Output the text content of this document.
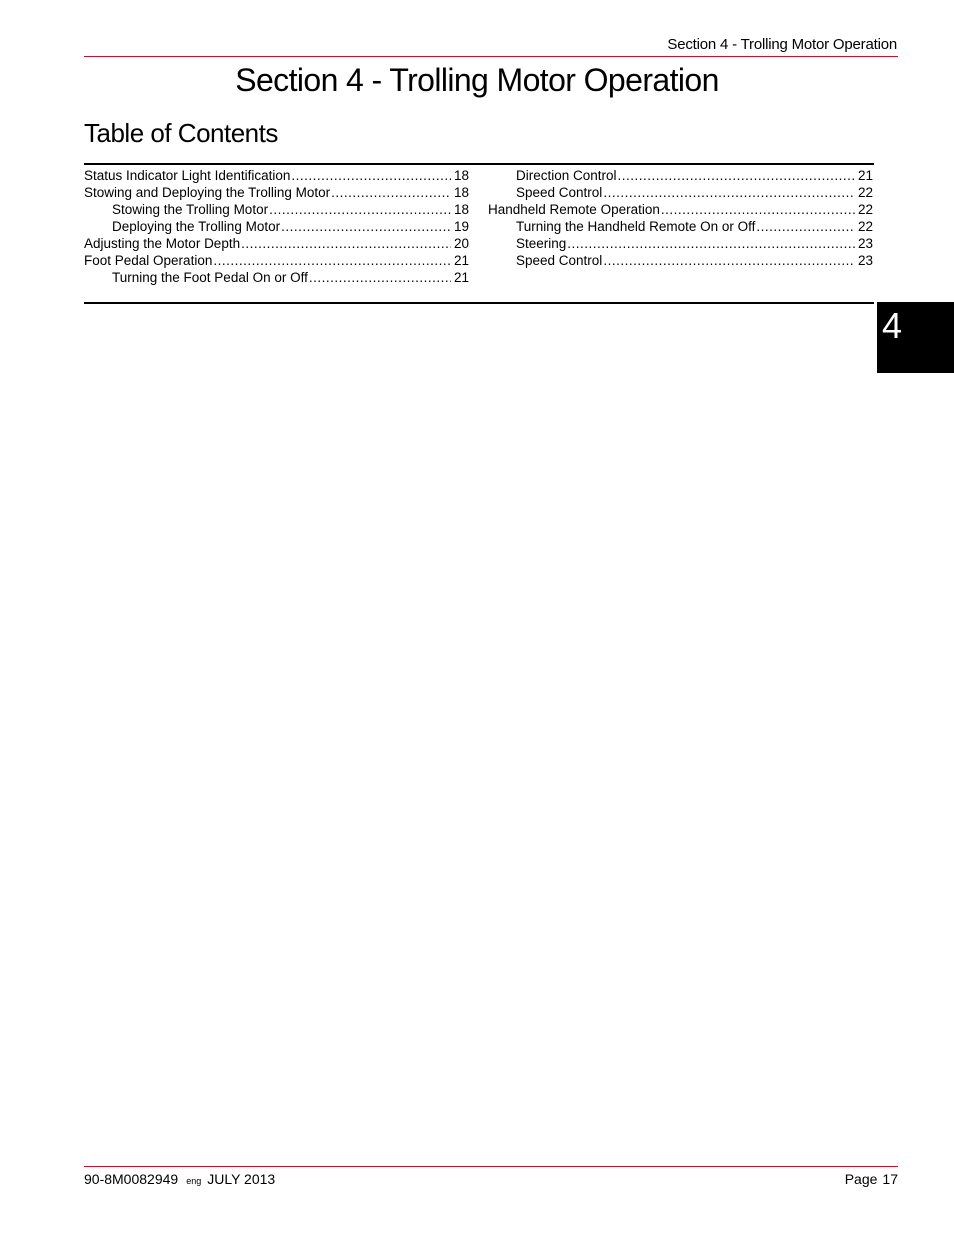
Section 4 - Trolling Motor Operation
Section 4 - Trolling Motor Operation
Table of Contents
Status Indicator Light Identification .....	18
Stowing and Deploying the Trolling Motor .....	18
Stowing the Trolling Motor .....	18
Deploying the Trolling Motor .....	19
Adjusting the Motor Depth .....	20
Foot Pedal Operation .....	21
Turning the Foot Pedal On or Off .....	21
Direction Control .....	21
Speed Control .....	22
Handheld Remote Operation .....	22
Turning the Handheld Remote On or Off .....	22
Steering .....	23
Speed Control .....	23
4
90-8M0082949 eng JULY 2013	Page 17
